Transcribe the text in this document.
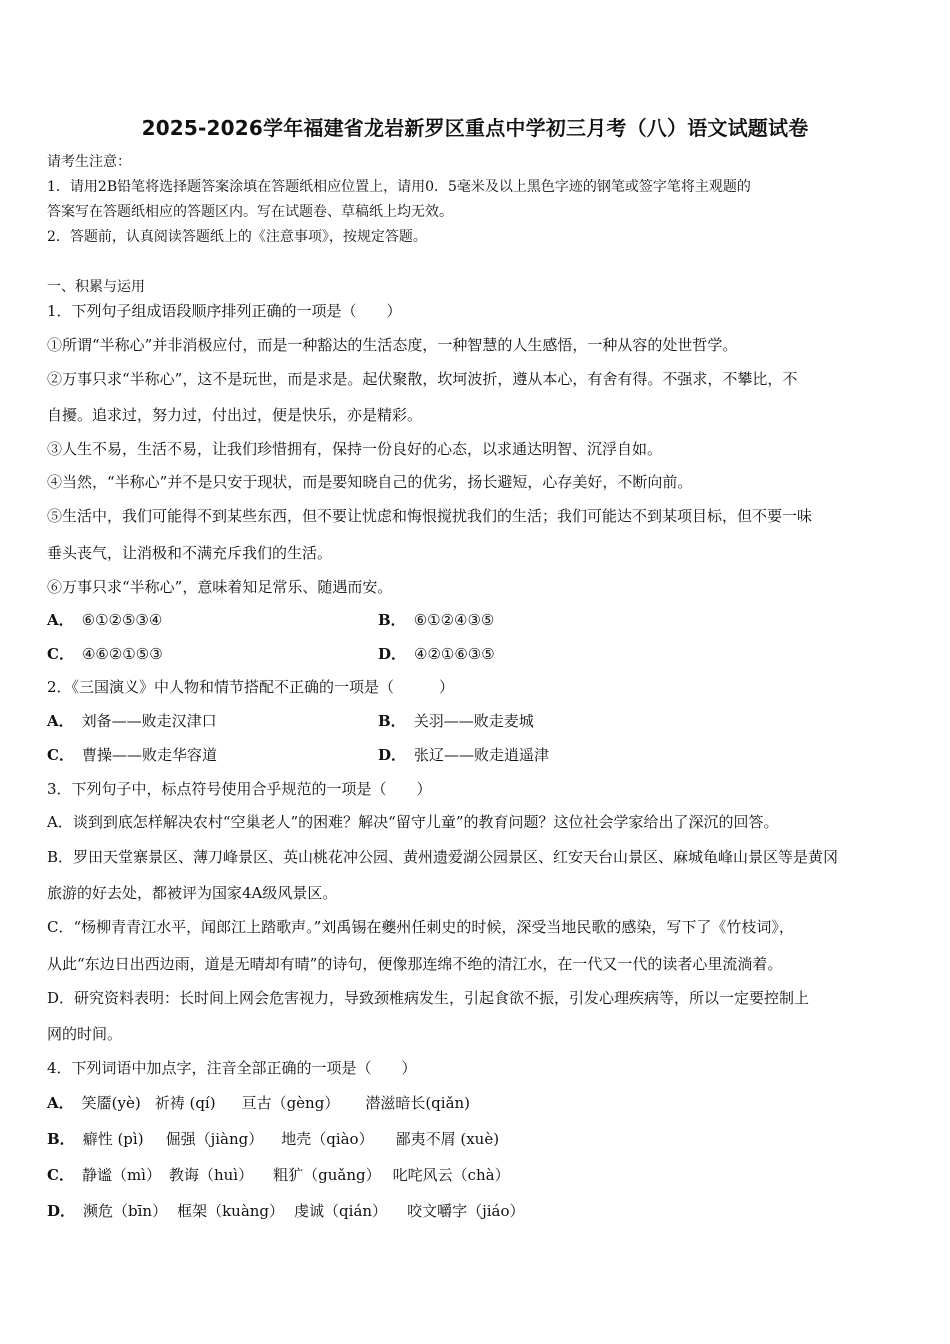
2025-2026学年福建省龙岩新罗区重点中学初三月考（八）语文试题试卷
请考生注意：
1．请用2B铅笔将选择题答案涂填在答题纸相应位置上，请用0．5毫米及以上黑色字迹的钢笔或签字笔将主观题的
答案写在答题纸相应的答题区内。写在试题卷、草稿纸上均无效。
2．答题前，认真阅读答题纸上的《注意事项》，按规定答题。
一、积累与运用
1．下列句子组成语段顺序排列正确的一项是（　　）
①所谓“半称心”并非消极应付，而是一种豁达的生活态度，一种智慧的人生感悟，一种从容的处世哲学。
②万事只求“半称心”，这不是玩世，而是求是。起伏聚散，坎坷波折，遵从本心，有舍有得。不强求，不攀比，不
自擾。追求过，努力过，付出过，便是快乐，亦是精彩。
③人生不易，生活不易，让我们珍惜拥有，保持一份良好的心态，以求通达明智、沉浮自如。
④当然，“半称心”并不是只安于现状，而是要知晓自己的优劣，扬长避短，心存美好，不断向前。
⑤生活中，我们可能得不到某些东西，但不要让忧虑和悔恨搅扰我们的生活；我们可能达不到某项目标，但不要一味
垂头丧气，让消极和不满充斥我们的生活。
⑥万事只求“半称心”，意味着知足常乐、随遇而安。
A． ⑥①②⑤③④	B． ⑥①②④③⑤
C． ④⑥②①⑤③	D． ④②①⑥③⑤
2．《三国演义》中人物和情节搭配不正确的一项是（　　　）
A． 刘备——败走汉津口	B． 关羽——败走麦城
C． 曹操——败走华容道	D． 张辽——败走逍遥津
3．下列句子中，标点符号使用合乎规范的一项是（　　）
A．谈到到底怎样解决农村“空巢老人”的困难？解决“留守儿童”的教育问题？这位社会学家给出了深沉的回答。
B．罗田天堂寨景区、薄刀峰景区、英山桃花冲公园、黄州遗爱湖公园景区、红安天台山景区、麻城龟峰山景区等是黄冈
旅游的好去处，都被评为国家4A级风景区。
C．“杨柳青青江水平，闻郎江上踏歌声。”刘禹锡在夔州任刺史的时候，深受当地民歌的感染，写下了《竹枝词》，
从此“东边日出西边雨，道是无晴却有晴”的诗句，便像那连绵不绝的清江水，在一代又一代的读者心里流淌着。
D．研究资料表明：长时间上网会危害视力，导致颈椎病发生，引起食欲不振，引发心理疾病等，所以一定要控制上
网的时间。
4．下列词语中加点字，注音全部正确的一项是（　　）
A． 笑靥(yè) 祈祷 (qí) 亘古（gèng） 潜滋暗长(qiǎn)
B． 癖性 (pì) 倔强（jiàng） 地壳（qiào） 鄙夷不屑 (xuè)
C． 静谧（mì） 教诲（huì） 粗犷（guǎng） 叱咤风云（chà）
D． 濒危（bīn） 框架（kuàng） 虔诚（qián） 咬文嚼字（jiáo）
